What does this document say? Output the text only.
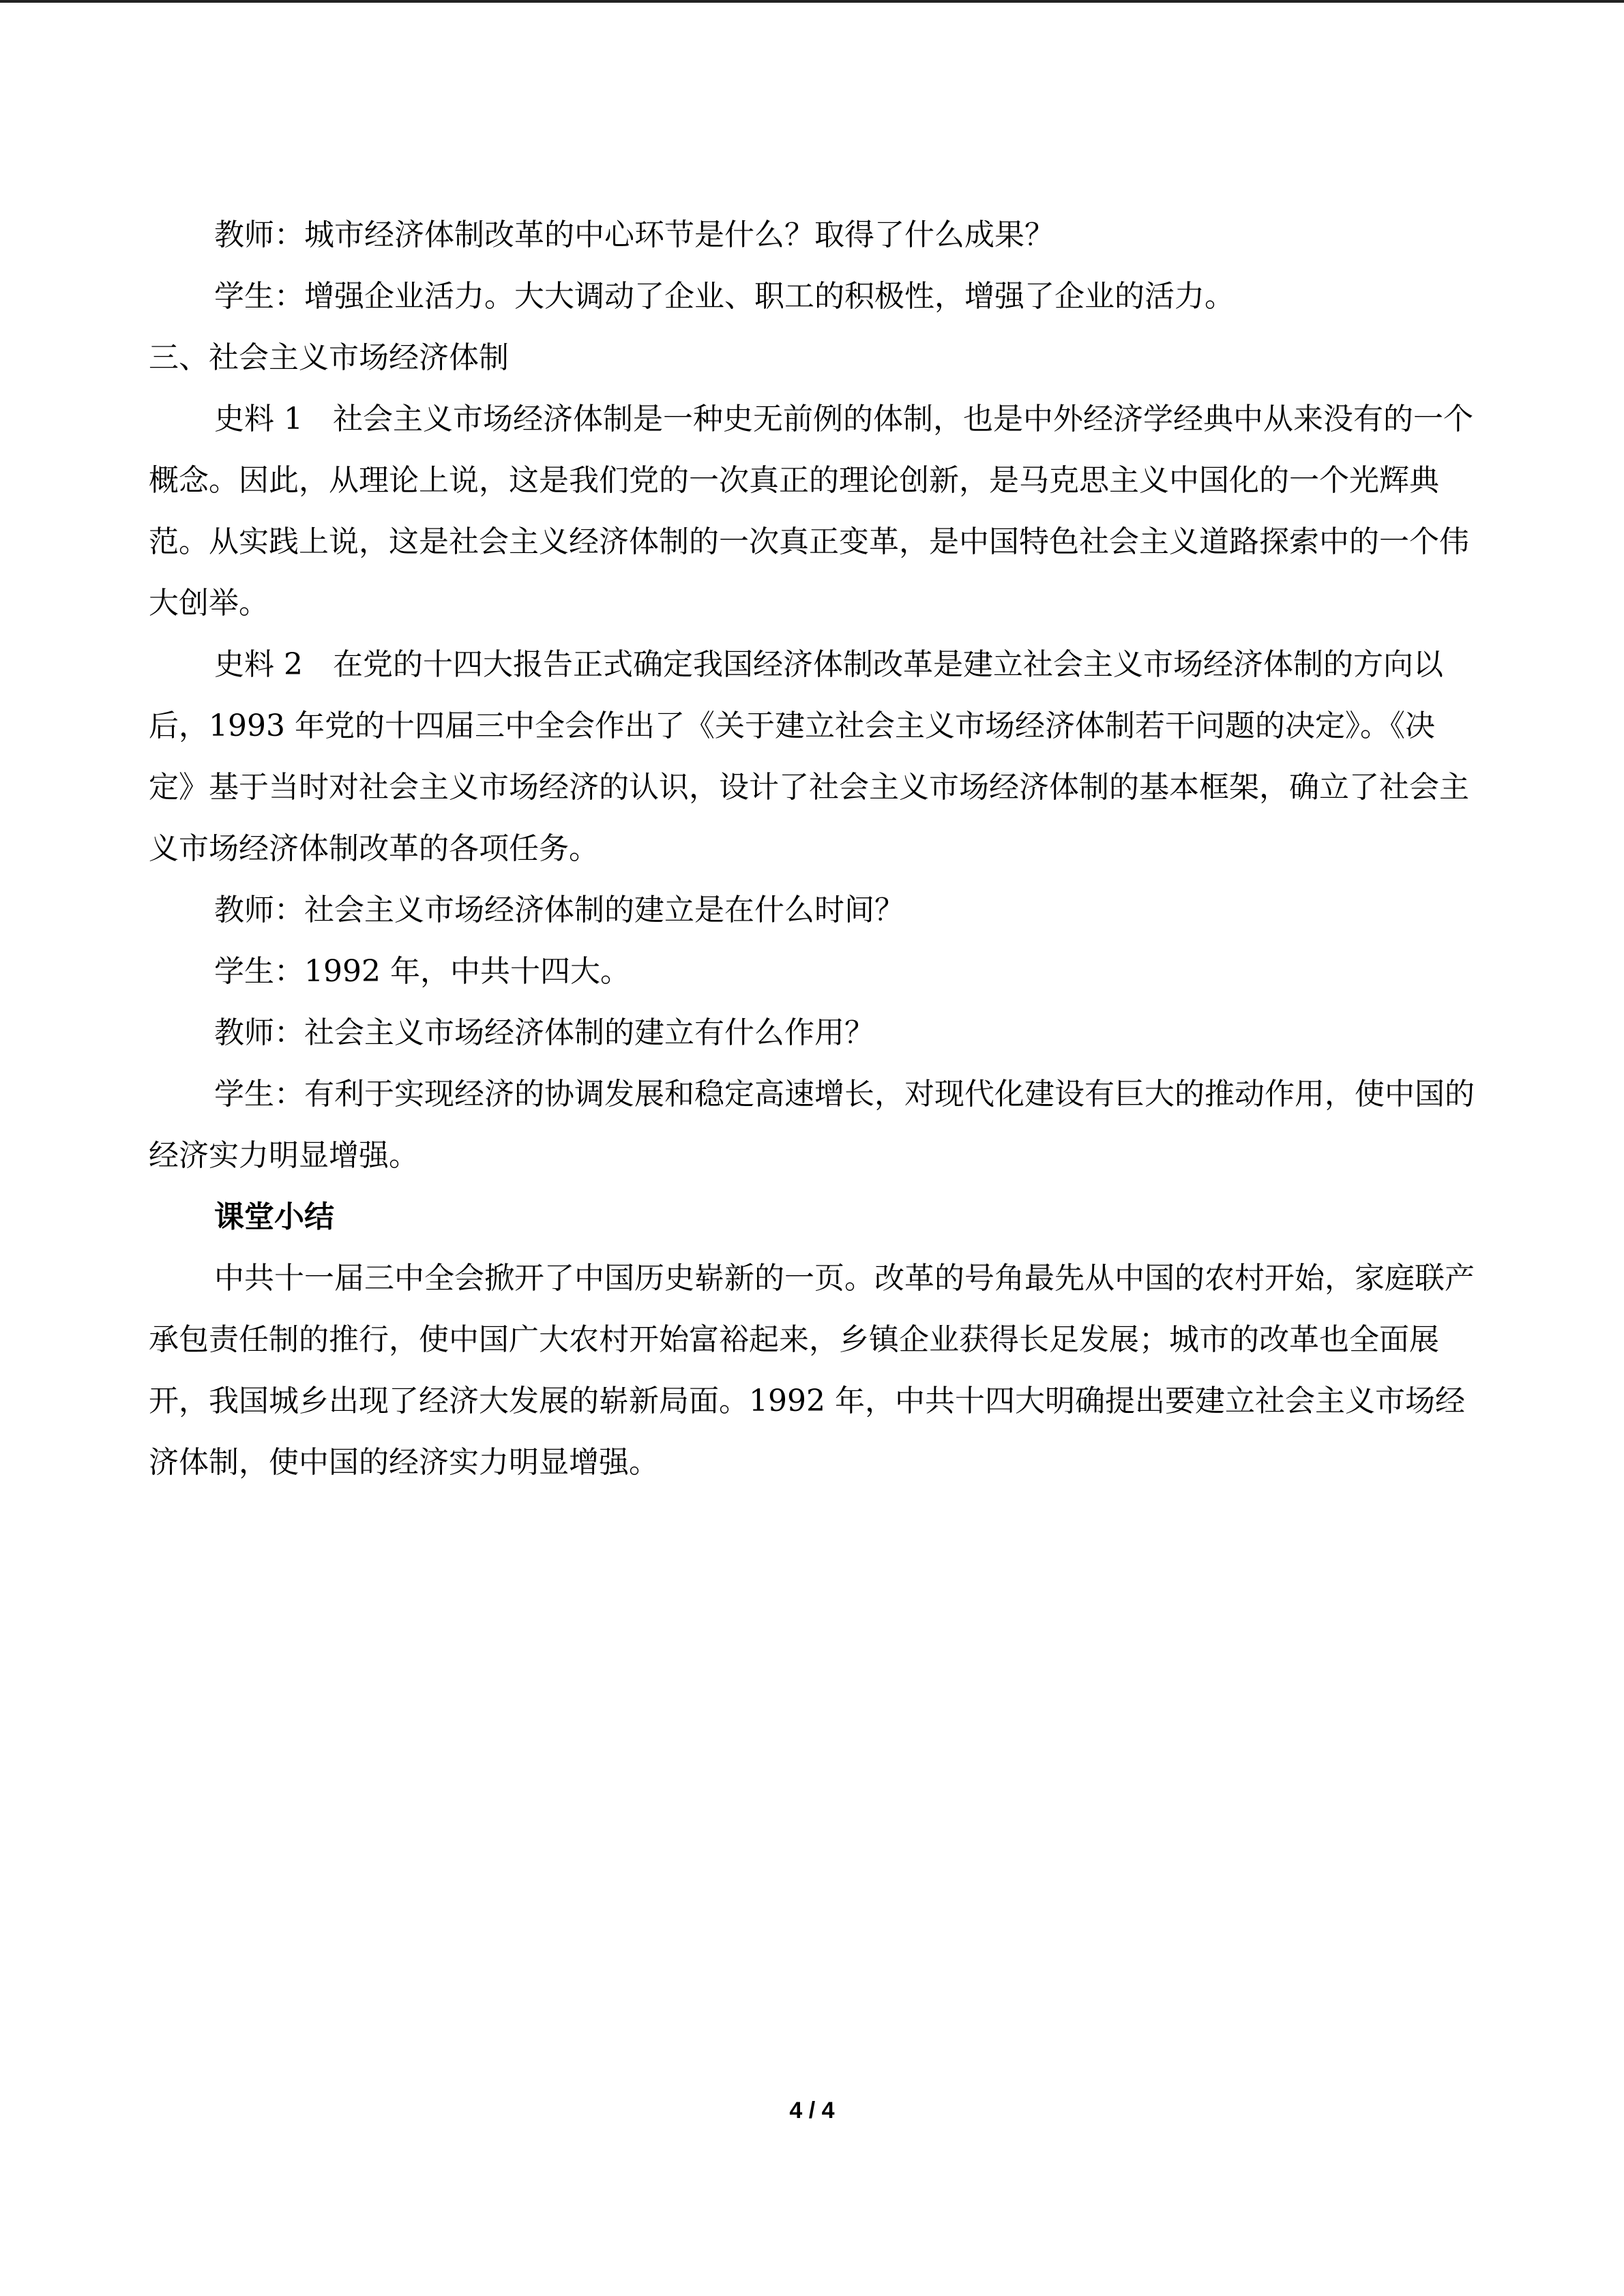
教师：城市经济体制改革的中心环节是什么？取得了什么成果？

学生：增强企业活力。大大调动了企业、职工的积极性，增强了企业的活力。

三、社会主义市场经济体制

史料 1　社会主义市场经济体制是一种史无前例的体制，也是中外经济学经典中从来没有的一个概念。因此，从理论上说，这是我们党的一次真正的理论创新，是马克思主义中国化的一个光辉典范。从实践上说，这是社会主义经济体制的一次真正变革，是中国特色社会主义道路探索中的一个伟大创举。

史料 2　在党的十四大报告正式确定我国经济体制改革是建立社会主义市场经济体制的方向以后，1993 年党的十四届三中全会作出了《关于建立社会主义市场经济体制若干问题的决定》。《决定》基于当时对社会主义市场经济的认识，设计了社会主义市场经济体制的基本框架，确立了社会主义市场经济体制改革的各项任务。

教师：社会主义市场经济体制的建立是在什么时间？

学生：1992 年，中共十四大。

教师：社会主义市场经济体制的建立有什么作用？

学生：有利于实现经济的协调发展和稳定高速增长，对现代化建设有巨大的推动作用，使中国的经济实力明显增强。

课堂小结

中共十一届三中全会掀开了中国历史崭新的一页。改革的号角最先从中国的农村开始，家庭联产承包责任制的推行，使中国广大农村开始富裕起来，乡镇企业获得长足发展；城市的改革也全面展开，我国城乡出现了经济大发展的崭新局面。1992 年，中共十四大明确提出要建立社会主义市场经济体制，使中国的经济实力明显增强。

4 / 4
